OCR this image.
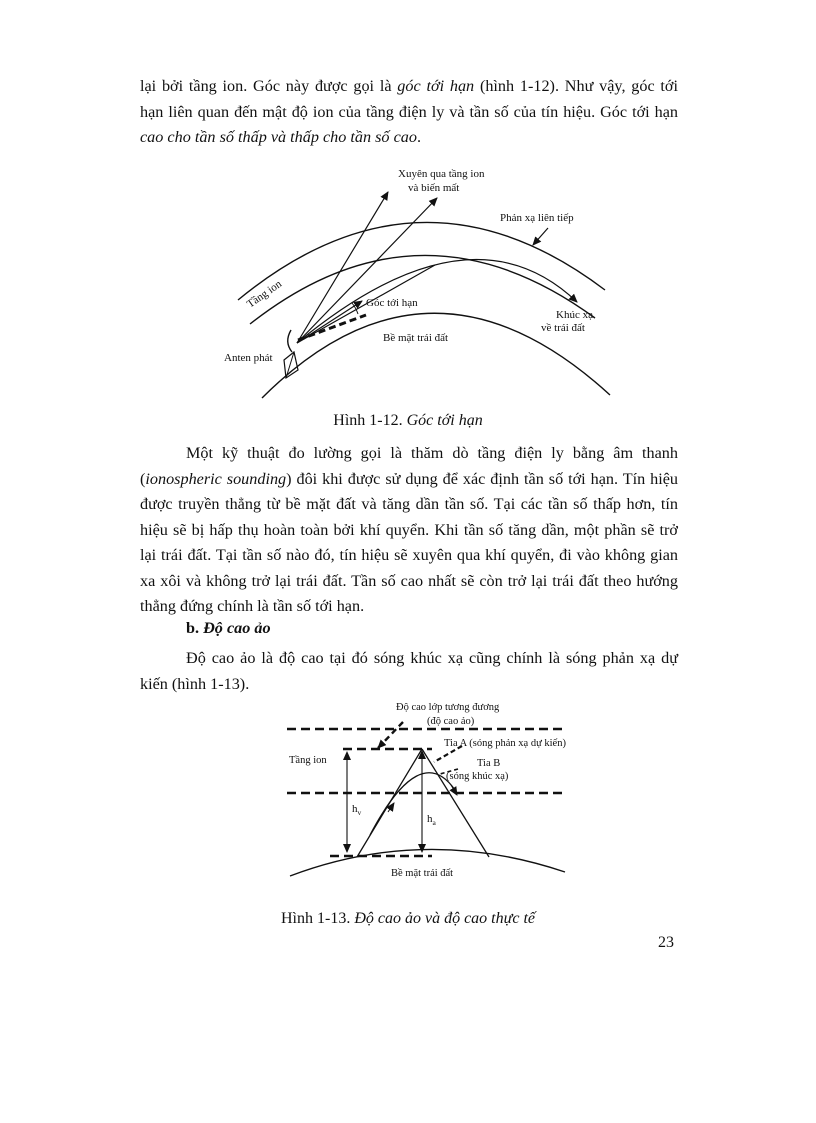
lại bởi tầng ion. Góc này được gọi là góc tới hạn (hình 1-12). Như vậy, góc tới
hạn liên quan đến mật độ ion của tầng điện ly và tần số của tín hiệu. Góc tới hạn
cao cho tần số thấp và thấp cho tần số cao.
Xuyên qua tầng ion
và biến mất
Phản xạ liên tiếp
Tầng ion	Góc tới hạn
Khúc xạ
về trái đất
Bề mặt trái đất
Anten phát

Hình 1-12. Góc tới hạn

Một kỹ thuật đo lường gọi là thăm dò tầng điện ly bằng âm thanh
(ionospheric sounding) đôi khi được sử dụng để xác định tần số tới hạn. Tín hiệu
được truyền thẳng từ bề mặt đất và tăng dần tần số. Tại các tần số thấp hơn, tín
hiệu sẽ bị hấp thụ hoàn toàn bởi khí quyển. Khi tần số tăng dần, một phần sẽ trở
lại trái đất. Tại tần số nào đó, tín hiệu sẽ xuyên qua khí quyển, đi vào không gian
xa xôi và không trở lại trái đất. Tần số cao nhất sẽ còn trở lại trái đất theo hướng
thẳng đứng chính là tần số tới hạn.

b. Độ cao ảo

Độ cao ảo là độ cao tại đó sóng khúc xạ cũng chính là sóng phản xạ dự
kiến (hình 1-13).
Độ cao lớp tương đương
(độ cao ảo)
Tia A (sóng phản xạ dự kiến)
Tầng ion	Tia B
(sóng khúc xạ)
$h_v$
$h_a$
Bề mặt trái đất

Hình 1-13. Độ cao ảo và độ cao thực tế

23
